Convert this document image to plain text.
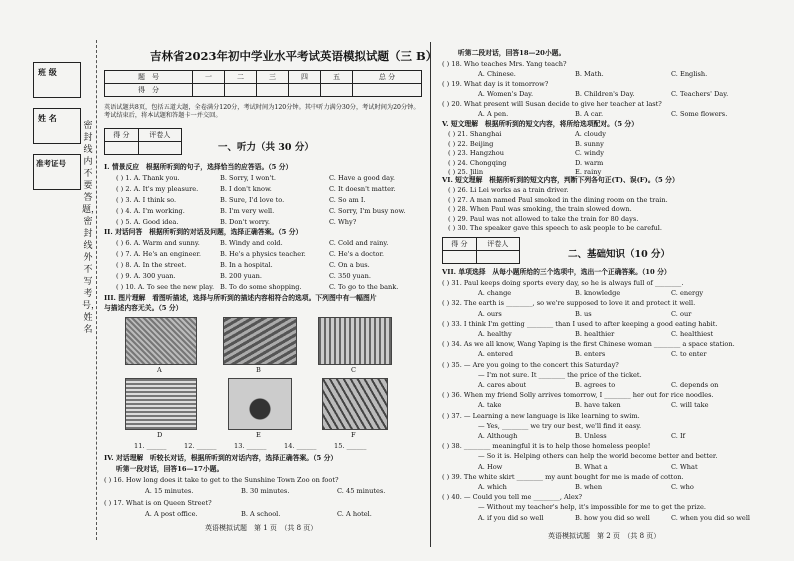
班 级
姓 名
准考证号
密封线内不要答题，密封线外不写考号，姓名
吉林省2023年初中学业水平考试英语模拟试题（三 B）
题　号	一	二	三	四	五	总 分
得　分						
英语试题共8页，包括五道大题，全卷满分120分，考试时间为120分钟。其中听力满分30分，考试时间为20分钟。考试结束后，将本试题和答题卡一并交回。
得 分	评卷人

一、听力（共 30 分）
I. 情景反应　根据所听到的句子，选择恰当的应答语。（5 分）
II. 对话问答　根据所听到的对话及问题，选择正确答案。（5 分）
III. 图片理解　看图听描述，选择与所听到的描述内容相符合的选项。下列图中有一幅图片
与描述内容无关。（5 分）
A	B	C
D	E	F
11. ______	12. ______	13. ______	14. ______	15. ______
IV. 对话理解　听较长对话，根据所听到的对话内容，选择正确答案。（5 分）
听第一段对话，回答16—17小题。
( ) 16. How long does it take to get to the Sunshine Town Zoo on foot?
A. 15 minutes.	B. 30 minutes.	C. 45 minutes.
( ) 17. What is on Queen Street?
A. A post office.	B. A school.	C. A hotel.
英语模拟试题　第 1 页　（共 8 页）
听第二段对话，回答18—20小题。
( ) 18. Who teaches Mrs. Yang teach?
A. Chinese.	B. Math.	C. English.
( ) 19. What day is it tomorrow?
A. Women's Day.	B. Children's Day.	C. Teachers' Day.
( ) 20. What present will Susan decide to give her teacher at last?
A. A pen.	B. A car.	C. Some flowers.
V. 短文理解　根据所听到的短文内容，将所给选项配对。（5 分）
VI. 短文理解　根据所听到的短文内容，判断下列各句正(T)、误(F)。（5 分）
得 分	评卷人

二、基础知识（10 分）
VII. 单项选择　从每小题所给的三个选项中，选出一个正确答案。（10 分）
英语模拟试题　第 2 页　（共 8 页）
( ) 1. A. Thank you.	B. Sorry, I won't.	C. Have a good day.
( ) 2. A. It's my pleasure.	B. I don't know.	C. It doesn't matter.
( ) 3. A. I think so.	B. Sure, I'd love to.	C. So am I.
( ) 4. A. I'm working.	B. I'm very well.	C. Sorry, I'm busy now.
( ) 5. A. Good idea.	B. Don't worry.	C. Why?
( ) 6. A. Warm and sunny.	B. Windy and cold.	C. Cold and rainy.
( ) 7. A. He's an engineer.	B. He's a physics teacher.	C. He's a doctor.
( ) 8. A. In the street.	B. In a hospital.	C. On a bus.
( ) 9. A. 300 yuan.	B. 200 yuan.	C. 350 yuan.
( ) 10. A. To see the new play. B. To do some shopping.	C. To go to the bank.
( ) 21. Shanghai	A. cloudy
( ) 22. Beijing	B. sunny
( ) 23. Hangzhou	C. windy
( ) 24. Chongqing	D. warm
( ) 25. Jilin	E. rainy
( ) 26. Li Lei works as a train driver.
( ) 27. A man named Paul smoked in the dining room on the train.
( ) 28. When Paul was smoking, the train slowed down.
( ) 29. Paul was not allowed to take the train for 80 days.
( ) 30. The speaker gave this speech to ask people to be careful.
( ) 31. Paul keeps doing sports every day, so he is always full of ________.
A. change	B. knowledge	C. energy
( ) 32. The earth is ________, so we're supposed to love it and protect it well.
A. ours	B. us	C. our
( ) 33. I think I'm getting ________ than I used to after keeping a good eating habit.
A. healthy	B. healthier	C. healthiest
( ) 34. As we all know, Wang Yaping is the first Chinese woman ________ a space station.
A. entered	B. enters	C. to enter
( ) 35. — Are you going to the concert this Saturday?
— I'm not sure. It ________ the price of the ticket.
A. cares about	B. agrees to	C. depends on
( ) 36. When my friend Solly arrives tomorrow, I ________ her out for rice noodles.
A. take	B. have taken	C. will take
( ) 37. — Learning a new language is like learning to swim.
— Yes, ________ we try our best, we'll find it easy.
A. Although	B. Unless	C. If
( ) 38. ________ meaningful it is to help those homeless people!
— So it is. Helping others can help the world become better and better.
A. How	B. What a	C. What
( ) 39. The white skirt ________ my aunt bought for me is made of cotton.
A. which	B. when	C. who
( ) 40. — Could you tell me ________, Alex?
— Without my teacher's help, it's impossible for me to get the prize.
A. if you did so well	B. how you did so well	C. when you did so well
